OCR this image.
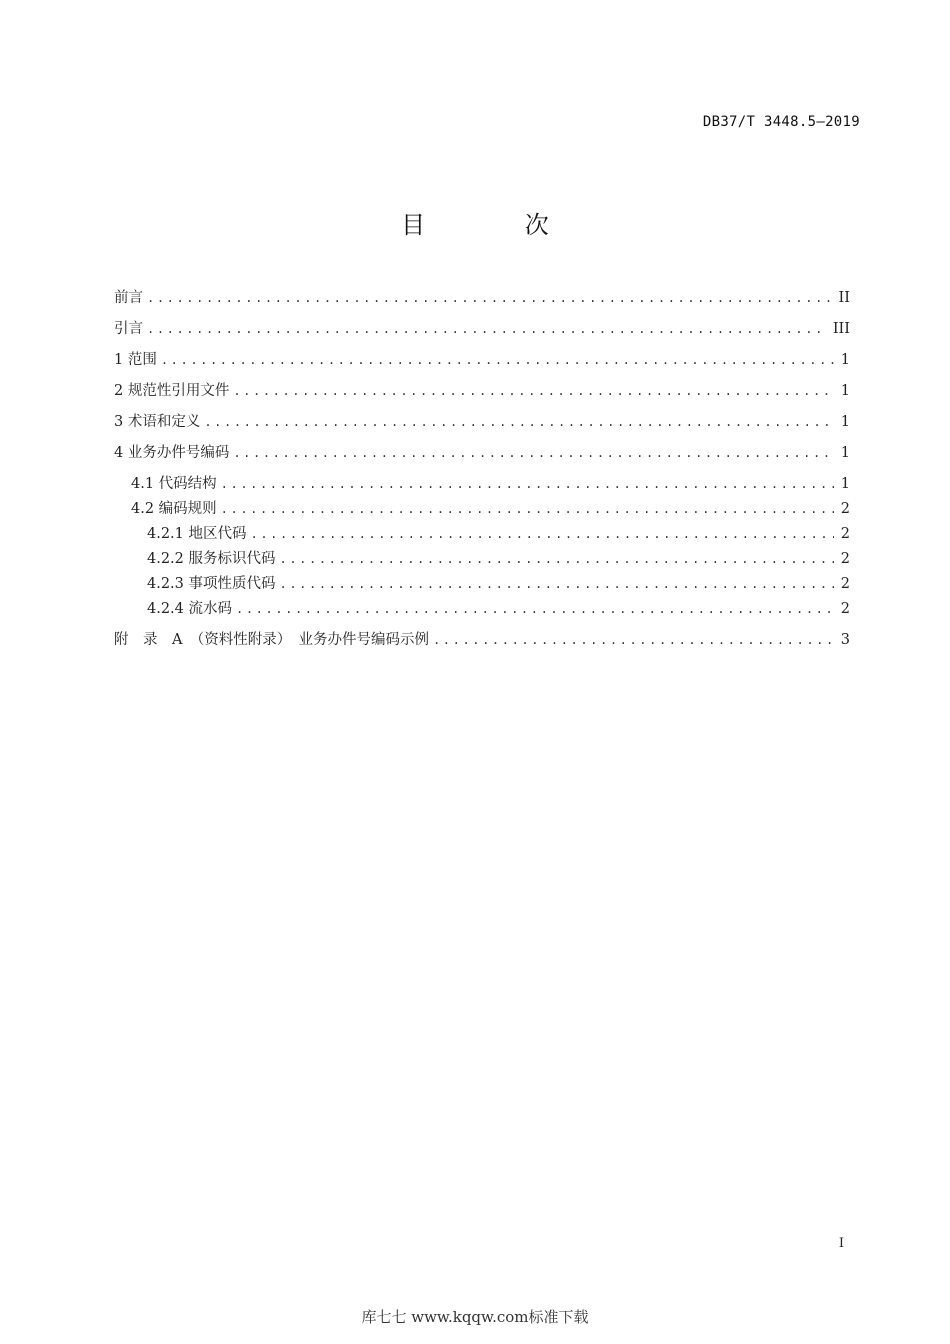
DB37/T 3448.5—2019
目 次
前言 .....	II
引言 .....	III
1 范围 .....	1
2 规范性引用文件 .....	1
3 术语和定义 .....	1
4 业务办件号编码 .....	1
4.1 代码结构 .....	1
4.2 编码规则 .....	2
4.2.1 地区代码 .....	2
4.2.2 服务标识代码 .....	2
4.2.3 事项性质代码 .....	2
4.2.4 流水码 .....	2
附　录　A　（资料性附录）　业务办件号编码示例 .....	3
I
库七七 www.kqqw.com标准下载
